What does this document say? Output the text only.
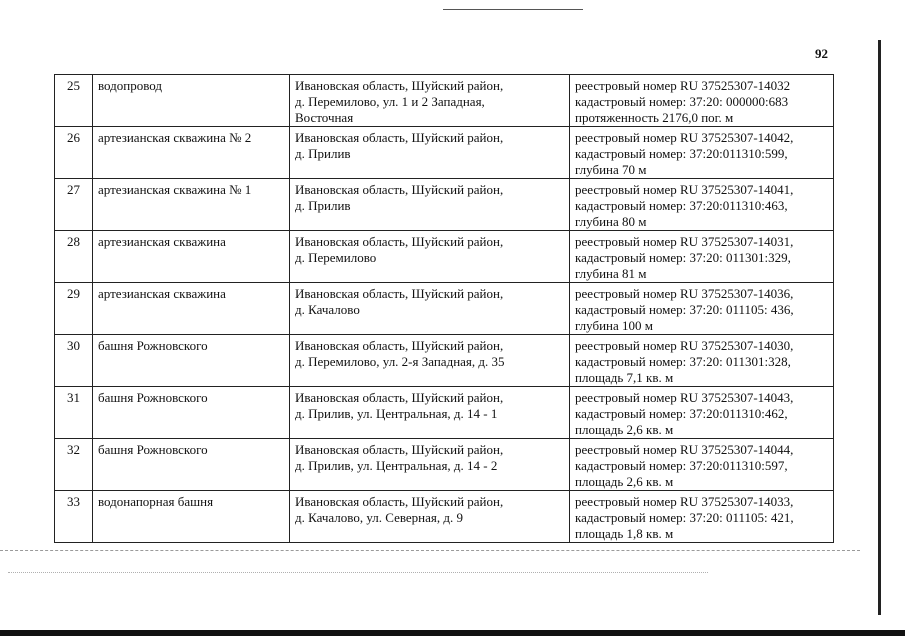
92
25	водопровод	Ивановская область, Шуйский район,
д. Перемилово, ул. 1 и 2 Западная,
Восточная	реестровый номер RU 37525307-14032
кадастровый номер: 37:20: 000000:683
протяженность 2176,0 пог. м

26	артезианская скважина № 2	Ивановская область, Шуйский район,
д. Прилив	реестровый номер RU 37525307-14042,
кадастровый номер: 37:20:011310:599,
глубина 70 м

27	артезианская скважина № 1	Ивановская область, Шуйский район,
д. Прилив	реестровый номер RU 37525307-14041,
кадастровый номер: 37:20:011310:463,
глубина 80 м

28	артезианская скважина	Ивановская область, Шуйский район,
д. Перемилово	реестровый номер RU 37525307-14031,
кадастровый номер: 37:20: 011301:329,
глубина 81 м

29	артезианская скважина	Ивановская область, Шуйский район,
д. Качалово	реестровый номер RU 37525307-14036,
кадастровый номер: 37:20: 011105: 436,
глубина 100 м

30	башня Рожновского	Ивановская область, Шуйский район,
д. Перемилово, ул. 2-я Западная, д. 35	реестровый номер RU 37525307-14030,
кадастровый номер: 37:20: 011301:328,
площадь 7,1 кв. м

31	башня Рожновского	Ивановская область, Шуйский район,
д. Прилив, ул. Центральная, д. 14 - 1	реестровый номер RU 37525307-14043,
кадастровый номер: 37:20:011310:462,
площадь 2,6 кв. м

32	башня Рожновского	Ивановская область, Шуйский район,
д. Прилив, ул. Центральная, д. 14 - 2	реестровый номер RU 37525307-14044,
кадастровый номер: 37:20:011310:597,
площадь 2,6 кв. м

33	водонапорная башня	Ивановская область, Шуйский район,
д. Качалово, ул. Северная, д. 9	реестровый номер RU 37525307-14033,
кадастровый номер: 37:20: 011105: 421,
площадь 1,8 кв. м
